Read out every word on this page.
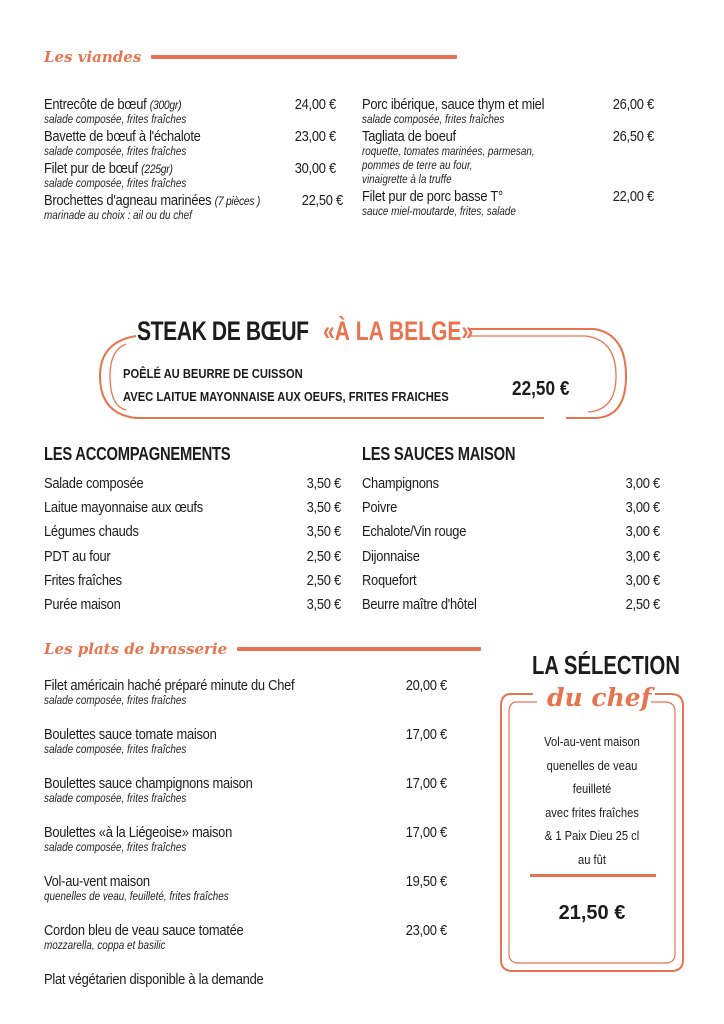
Les viandes
Entrecôte de bœuf (300gr)	24,00 €
salade composée, frites fraîches
Bavette de bœuf à l'échalote	23,00 €
salade composée, frites fraîches
Filet pur de bœuf (225gr)	30,00 €
salade composée, frites fraîches
Brochettes d'agneau marinées (7 pièces )	22,50 €
marinade au choix : ail ou du chef
Porc ibérique, sauce thym et miel	26,00 €
salade composée, frites fraîches
Tagliata de boeuf	26,50 €
roquette, tomates marinées, parmesan,
pommes de terre au four,
vinaigrette à la truffe
Filet pur de porc basse T°	22,00 €
sauce miel-moutarde, frites, salade
STEAK DE BŒUF «À LA BELGE»
POÊLÉ AU BEURRE DE CUISSON
AVEC LAITUE MAYONNAISE AUX OEUFS, FRITES FRAICHES	22,50 €
LES ACCOMPAGNEMENTS
Salade composée	3,50 €
Laitue mayonnaise aux œufs	3,50 €
Légumes chauds	3,50 €
PDT au four	2,50 €
Frites fraîches	2,50 €
Purée maison	3,50 €
LES SAUCES MAISON
Champignons	3,00 €
Poivre	3,00 €
Echalote/Vin rouge	3,00 €
Dijonnaise	3,00 €
Roquefort	3,00 €
Beurre maître d'hôtel	2,50 €
Les plats de brasserie
Filet américain haché préparé minute du Chef	20,00 €
salade composée, frites fraîches
Boulettes sauce tomate maison	17,00 €
salade composée, frites fraîches
Boulettes sauce champignons maison	17,00 €
salade composée, frites fraîches
Boulettes «à la Liégeoise» maison	17,00 €
salade composée, frites fraîches
Vol-au-vent maison	19,50 €
quenelles de veau, feuilleté, frites fraîches
Cordon bleu de veau sauce tomatée	23,00 €
mozzarella, coppa et basilic
Plat végétarien disponible à la demande
LA SÉLECTION
du chef
Vol-au-vent maison
quenelles de veau
feuilleté
avec frites fraîches
& 1 Paix Dieu 25 cl
au fût
21,50 €
